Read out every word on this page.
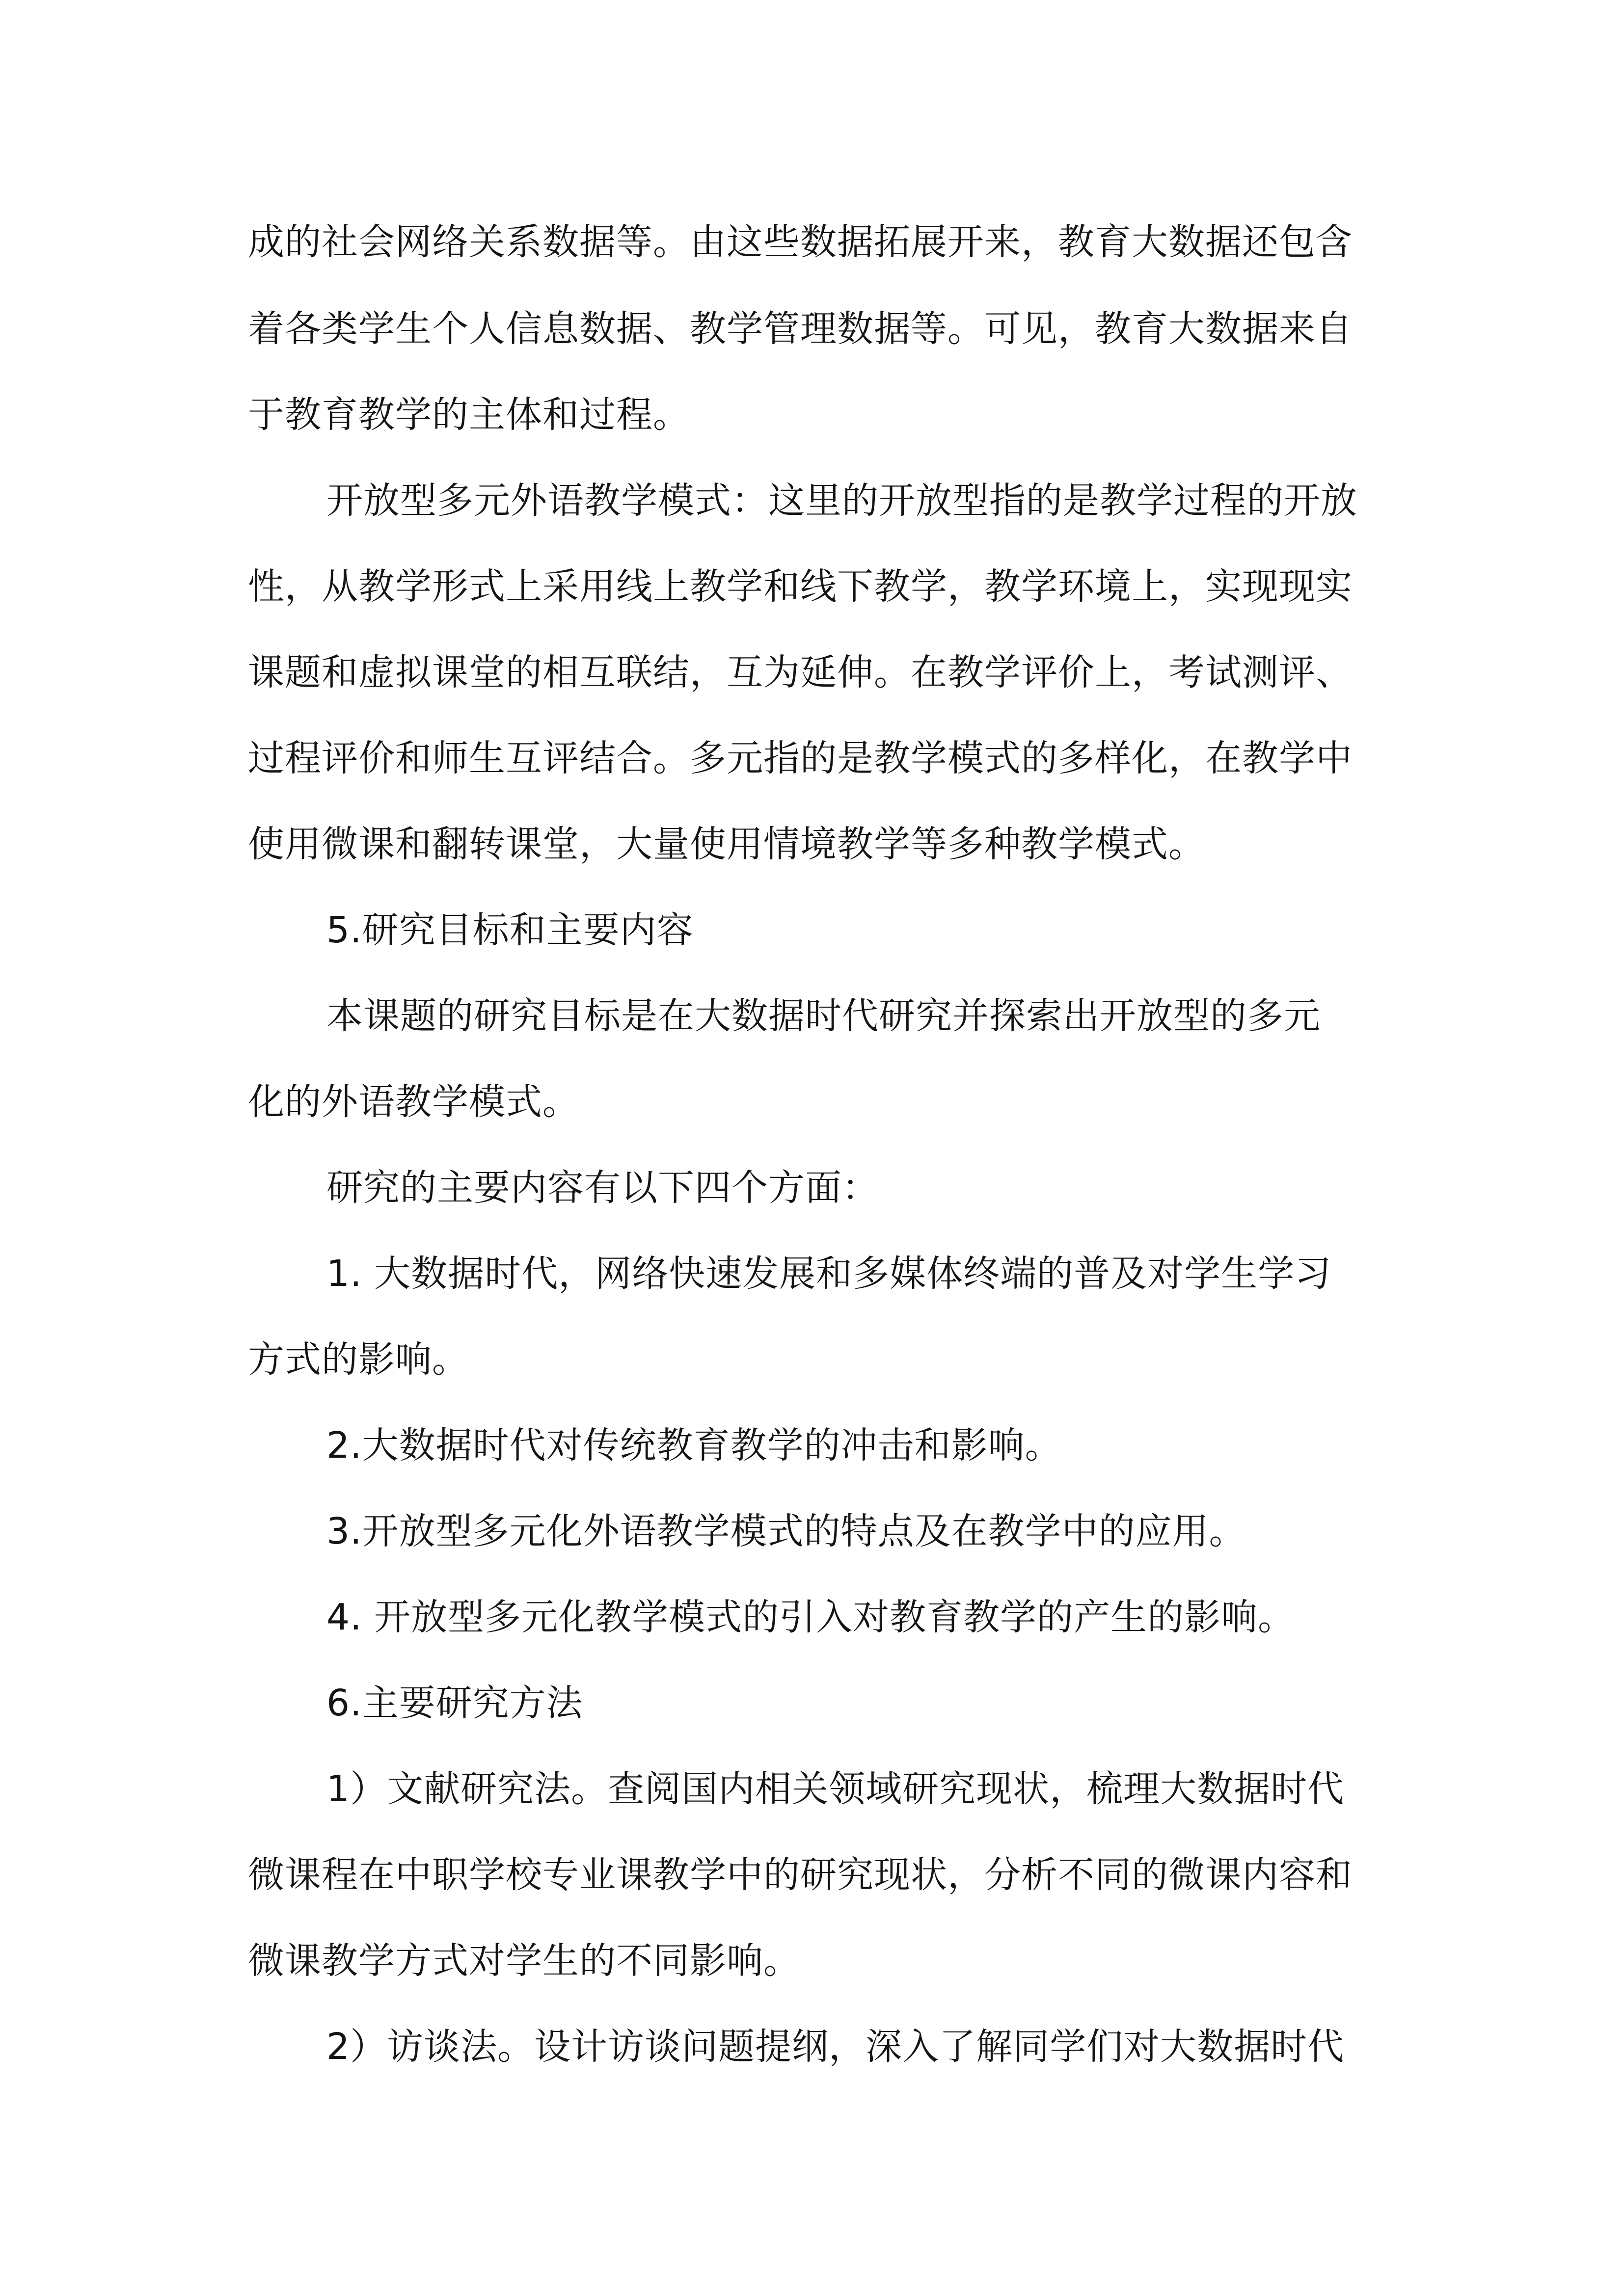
成的社会网络关系数据等。由这些数据拓展开来，教育大数据还包含
着各类学生个人信息数据、教学管理数据等。可见，教育大数据来自
于教育教学的主体和过程。
开放型多元外语教学模式：这里的开放型指的是教学过程的开放
性，从教学形式上采用线上教学和线下教学，教学环境上，实现现实
课题和虚拟课堂的相互联结，互为延伸。在教学评价上，考试测评、
过程评价和师生互评结合。多元指的是教学模式的多样化，在教学中
使用微课和翻转课堂，大量使用情境教学等多种教学模式。
5.研究目标和主要内容
本课题的研究目标是在大数据时代研究并探索出开放型的多元
化的外语教学模式。
研究的主要内容有以下四个方面：
1. 大数据时代，网络快速发展和多媒体终端的普及对学生学习
方式的影响。
2.大数据时代对传统教育教学的冲击和影响。
3.开放型多元化外语教学模式的特点及在教学中的应用。
4. 开放型多元化教学模式的引入对教育教学的产生的影响。
6.主要研究方法
1）文献研究法。查阅国内相关领域研究现状，梳理大数据时代
微课程在中职学校专业课教学中的研究现状，分析不同的微课内容和
微课教学方式对学生的不同影响。
2）访谈法。设计访谈问题提纲，深入了解同学们对大数据时代
